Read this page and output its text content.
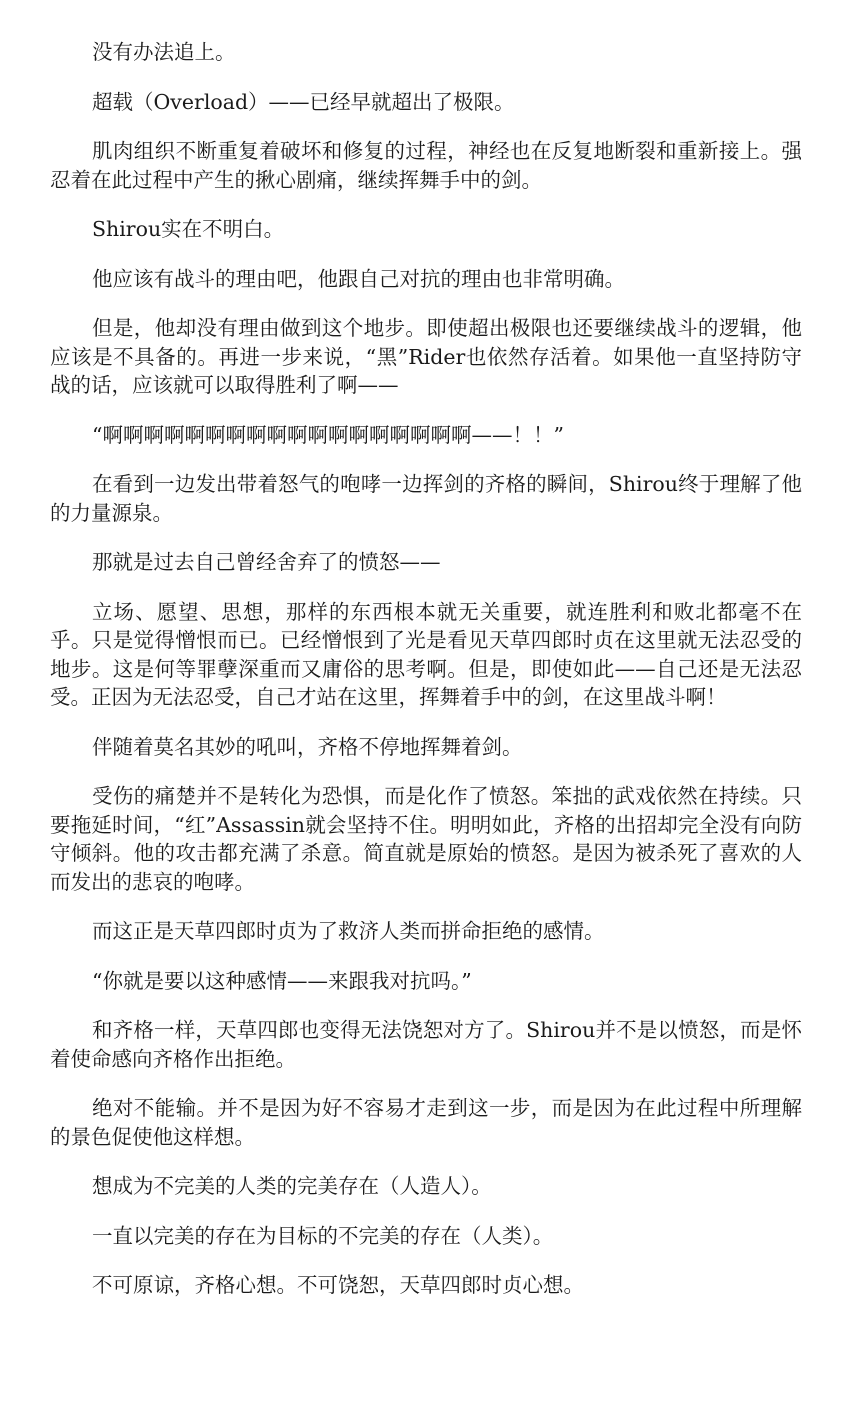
没有办法追上。

超载（Overload）——已经早就超出了极限。

肌肉组织不断重复着破坏和修复的过程，神经也在反复地断裂和重新接上。强忍着在此过程中产生的揪心剧痛，继续挥舞手中的剑。

Shirou实在不明白。

他应该有战斗的理由吧，他跟自己对抗的理由也非常明确。

但是，他却没有理由做到这个地步。即使超出极限也还要继续战斗的逻辑，他应该是不具备的。再进一步来说，“黑”Rider也依然存活着。如果他一直坚持防守战的话，应该就可以取得胜利了啊——

“啊啊啊啊啊啊啊啊啊啊啊啊啊啊啊啊啊啊——！！”

在看到一边发出带着怒气的咆哮一边挥剑的齐格的瞬间，Shirou终于理解了他的力量源泉。

那就是过去自己曾经舍弃了的愤怒——

立场、愿望、思想，那样的东西根本就无关重要，就连胜利和败北都毫不在乎。只是觉得憎恨而已。已经憎恨到了光是看见天草四郎时贞在这里就无法忍受的地步。这是何等罪孽深重而又庸俗的思考啊。但是，即使如此——自己还是无法忍受。正因为无法忍受，自己才站在这里，挥舞着手中的剑，在这里战斗啊！

伴随着莫名其妙的吼叫，齐格不停地挥舞着剑。

受伤的痛楚并不是转化为恐惧，而是化作了愤怒。笨拙的武戏依然在持续。只要拖延时间，“红”Assassin就会坚持不住。明明如此，齐格的出招却完全没有向防守倾斜。他的攻击都充满了杀意。简直就是原始的愤怒。是因为被杀死了喜欢的人而发出的悲哀的咆哮。

而这正是天草四郎时贞为了救济人类而拼命拒绝的感情。

“你就是要以这种感情——来跟我对抗吗。”

和齐格一样，天草四郎也变得无法饶恕对方了。Shirou并不是以愤怒，而是怀着使命感向齐格作出拒绝。

绝对不能输。并不是因为好不容易才走到这一步，而是因为在此过程中所理解的景色促使他这样想。

想成为不完美的人类的完美存在（人造人）。

一直以完美的存在为目标的不完美的存在（人类）。

不可原谅，齐格心想。不可饶恕，天草四郎时贞心想。
